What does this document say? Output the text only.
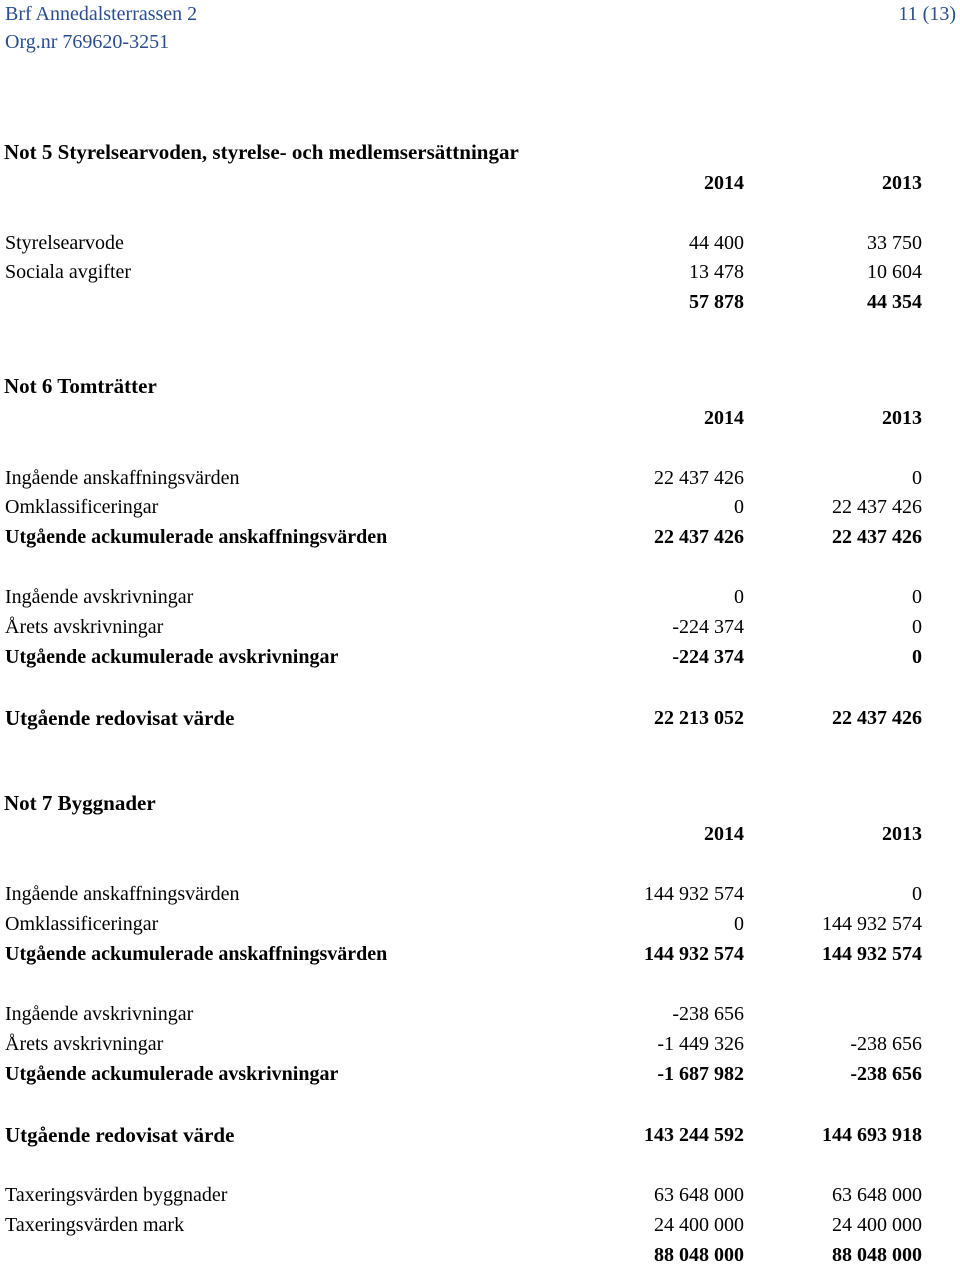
Brf Annedalsterrassen 2
Org.nr 769620-3251
11 (13)
Not 5 Styrelsearvoden, styrelse- och medlemsersättningar
2014	2013
Styrelsearvode	44 400	33 750
Sociala avgifter	13 478	10 604
57 878	44 354
Not 6 Tomträtter
2014	2013
Ingående anskaffningsvärden	22 437 426	0
Omklassificeringar	0	22 437 426
Utgående ackumulerade anskaffningsvärden	22 437 426	22 437 426
Ingående avskrivningar	0	0
Årets avskrivningar	-224 374	0
Utgående ackumulerade avskrivningar	-224 374	0
Utgående redovisat värde	22 213 052	22 437 426
Not 7 Byggnader
2014	2013
Ingående anskaffningsvärden	144 932 574	0
Omklassificeringar	0	144 932 574
Utgående ackumulerade anskaffningsvärden	144 932 574	144 932 574
Ingående avskrivningar	-238 656
Årets avskrivningar	-1 449 326	-238 656
Utgående ackumulerade avskrivningar	-1 687 982	-238 656
Utgående redovisat värde	143 244 592	144 693 918
Taxeringsvärden byggnader	63 648 000	63 648 000
Taxeringsvärden mark	24 400 000	24 400 000
88 048 000	88 048 000
